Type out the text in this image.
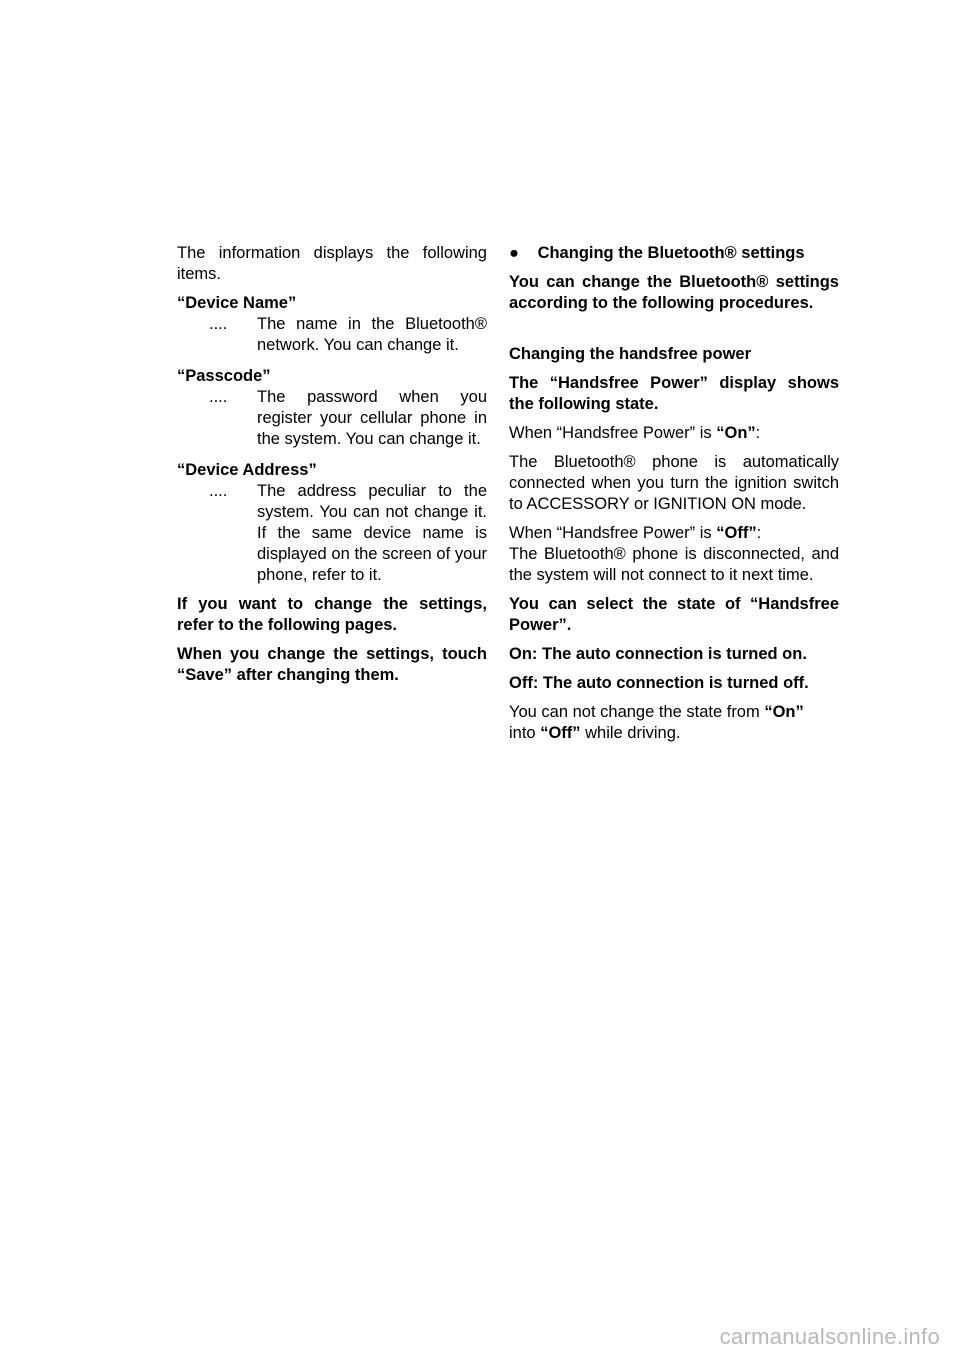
The information displays the following items.

“Device Name”

.... The name in the Bluetooth® network. You can change it.

“Passcode”

.... The password when you register your cellular phone in the system. You can change it.

“Device Address”

.... The address peculiar to the system. You can not change it. If the same device name is displayed on the screen of your phone, refer to it.

If you want to change the settings, refer to the following pages.

When you change the settings, touch “Save” after changing them.

● Changing the Bluetooth® settings

You can change the Bluetooth® settings according to the following procedures.

Changing the handsfree power

The “Handsfree Power” display shows the following state.

When “Handsfree Power” is “On”:

The Bluetooth® phone is automatically connected when you turn the ignition switch to ACCESSORY or IGNITION ON mode.

When “Handsfree Power” is “Off”:

The Bluetooth® phone is disconnected, and the system will not connect to it next time.

You can select the state of “Handsfree Power”.

On: The auto connection is turned on.

Off: The auto connection is turned off.

You can not change the state from “On”

into “Off” while driving.

carmanualsonline.info
